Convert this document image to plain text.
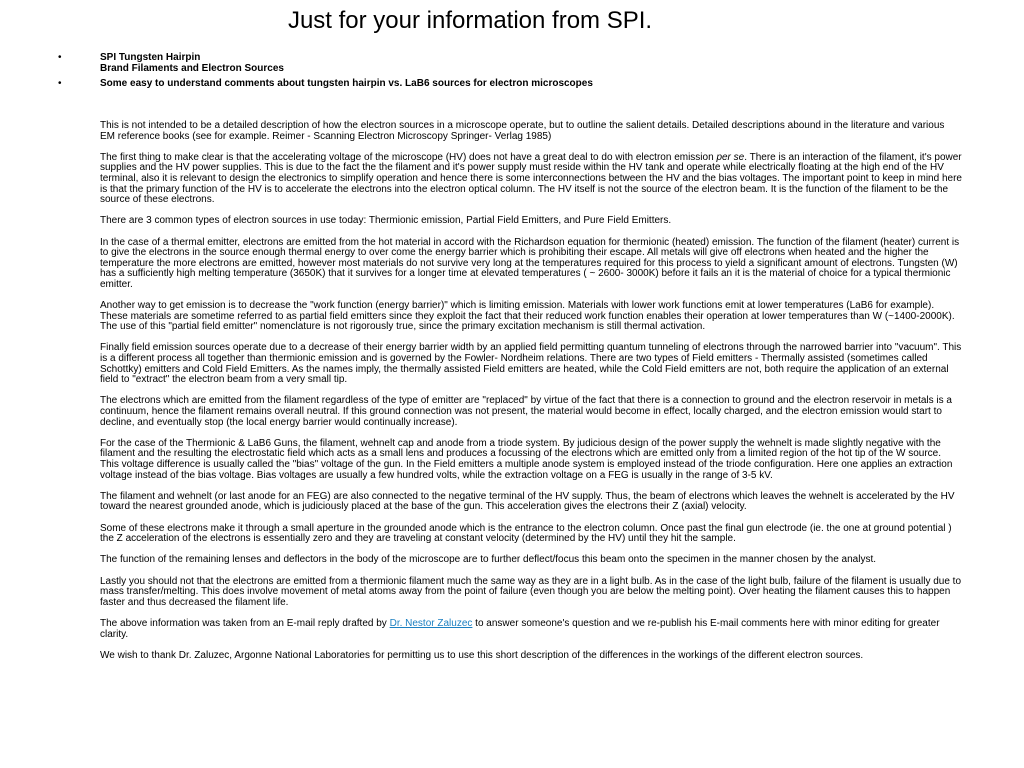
Just for your information from SPI.
•	SPI Tungsten Hairpin
Brand Filaments and Electron Sources
•	Some easy to understand comments about tungsten hairpin vs. LaB6 sources for electron microscopes

This is not intended to be a detailed description of how the electron sources in a microscope operate, but to outline the salient details. Detailed descriptions abound in the literature and various EM reference books (see for example. Reimer - Scanning Electron Microscopy Springer- Verlag 1985)

The first thing to make clear is that the accelerating voltage of the microscope (HV) does not have a great deal to do with electron emission per se. There is an interaction of the filament, it's power supplies and the HV power supplies. This is due to the fact the the filament and it's power supply must reside within the HV tank and operate while electrically floating at the high end of the HV terminal, also it is relevant to design the electronics to simplify operation and hence there is some interconnections between the HV and the bias voltages. The important point to keep in mind here is that the primary function of the HV is to accelerate the electrons into the electron optical column. The HV itself is not the source of the electron beam. It is the function of the filament to be the source of these electrons.

There are 3 common types of electron sources in use today: Thermionic emission, Partial Field Emitters, and Pure Field Emitters.

In the case of a thermal emitter, electrons are emitted from the hot material in accord with the Richardson equation for thermionic (heated) emission. The function of the filament (heater) current is to give the electrons in the source enough thermal energy to over come the energy barrier which is prohibiting their escape. All metals will give off electrons when heated and the higher the temperature the more electrons are emitted, however most materials do not survive very long at the temperatures required for this process to yield a significant amount of electrons. Tungsten (W) has a sufficiently high melting temperature (3650K) that it survives for a longer time at elevated temperatures ( ~ 2600- 3000K) before it fails an it is the material of choice for a typical thermionic emitter.

Another way to get emission is to decrease the "work function (energy barrier)" which is limiting emission. Materials with lower work functions emit at lower temperatures (LaB6 for example). These materials are sometime referred to as partial field emitters since they exploit the fact that their reduced work function enables their operation at lower temperatures than W (~1400-2000K). The use of this "partial field emitter" nomenclature is not rigorously true, since the primary excitation mechanism is still thermal activation.

Finally field emission sources operate due to a decrease of their energy barrier width by an applied field permitting quantum tunneling of electrons through the narrowed barrier into "vacuum". This is a different process all together than thermionic emission and is governed by the Fowler- Nordheim relations. There are two types of Field emitters - Thermally assisted (sometimes called Schottky) emitters and Cold Field Emitters. As the names imply, the thermally assisted Field emitters are heated, while the Cold Field emitters are not, both require the application of an external field to "extract" the electron beam from a very small tip.

The electrons which are emitted from the filament regardless of the type of emitter are "replaced" by virtue of the fact that there is a connection to ground and the electron reservoir in metals is a continuum, hence the filament remains overall neutral. If this ground connection was not present, the material would become in effect, locally charged, and the electron emission would start to decline, and eventually stop (the local energy barrier would continually increase).

For the case of the Thermionic & LaB6 Guns, the filament, wehnelt cap and anode from a triode system. By judicious design of the power supply the wehnelt is made slightly negative with the filament and the resulting the electrostatic field which acts as a small lens and produces a focussing of the electrons which are emitted only from a limited region of the hot tip of the W source. This voltage difference is usually called the "bias" voltage of the gun. In the Field emitters a multiple anode system is employed instead of the triode configuration. Here one applies an extraction voltage instead of the bias voltage. Bias voltages are usually a few hundred volts, while the extraction voltage on a FEG is usually in the range of 3-5 kV.

The filament and wehnelt (or last anode for an FEG) are also connected to the negative terminal of the HV supply. Thus, the beam of electrons which leaves the wehnelt is accelerated by the HV toward the nearest grounded anode, which is judiciously placed at the base of the gun. This acceleration gives the electrons their Z (axial) velocity.

Some of these electrons make it through a small aperture in the grounded anode which is the entrance to the electron column. Once past the final gun electrode (ie. the one at ground potential ) the Z acceleration of the electrons is essentially zero and they are traveling at constant velocity (determined by the HV) until they hit the sample.

The function of the remaining lenses and deflectors in the body of the microscope are to further deflect/focus this beam onto the specimen in the manner chosen by the analyst.

Lastly you should not that the electrons are emitted from a thermionic filament much the same way as they are in a light bulb. As in the case of the light bulb, failure of the filament is usually due to mass transfer/melting. This does involve movement of metal atoms away from the point of failure (even though you are below the melting point). Over heating the filament causes this to happen faster and thus decreased the filament life.

The above information was taken from an E-mail reply drafted by Dr. Nestor Zaluzec to answer someone's question and we re-publish his E-mail comments here with minor editing for greater clarity.

We wish to thank Dr. Zaluzec, Argonne National Laboratories for permitting us to use this short description of the differences in the workings of the different electron sources.
